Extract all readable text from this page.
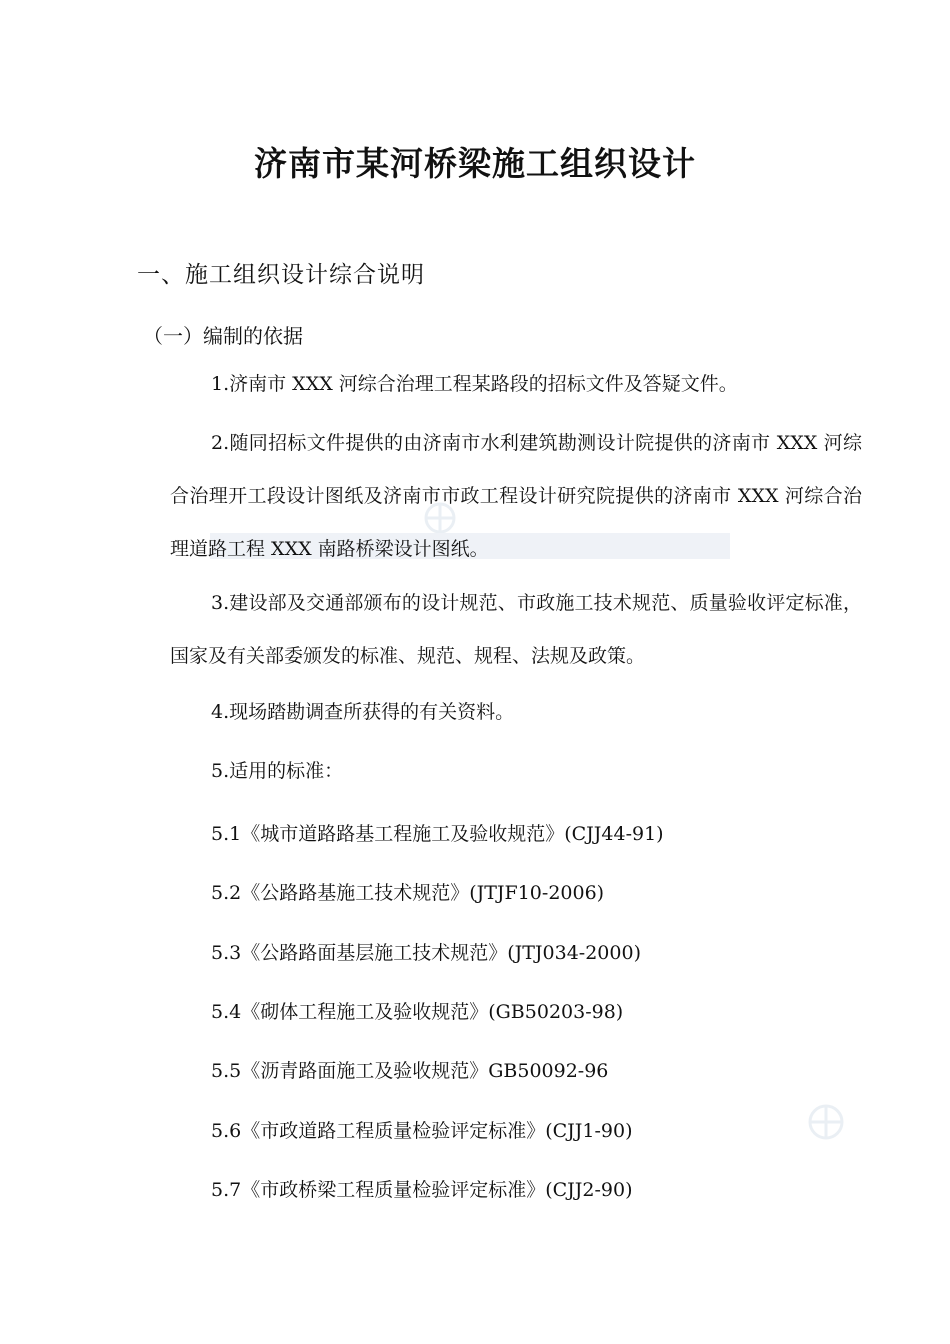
济南市某河桥梁施工组织设计
一、施工组织设计综合说明
（一）编制的依据

1.济南市 XXX 河综合治理工程某路段的招标文件及答疑文件。

2.随同招标文件提供的由济南市水利建筑勘测设计院提供的济南市 XXX 河综合治理开工段设计图纸及济南市市政工程设计研究院提供的济南市 XXX 河综合治理道路工程 XXX 南路桥梁设计图纸。

3.建设部及交通部颁布的设计规范、市政施工技术规范、质量验收评定标准，国家及有关部委颁发的标准、规范、规程、法规及政策。

4.现场踏勘调查所获得的有关资料。

5.适用的标准：

5.1《城市道路路基工程施工及验收规范》(CJJ44-91)

5.2《公路路基施工技术规范》(JTJF10-2006)

5.3《公路路面基层施工技术规范》(JTJ034-2000)

5.4《砌体工程施工及验收规范》(GB50203-98)

5.5《沥青路面施工及验收规范》GB50092-96

5.6《市政道路工程质量检验评定标准》(CJJ1-90)

5.7《市政桥梁工程质量检验评定标准》(CJJ2-90)
